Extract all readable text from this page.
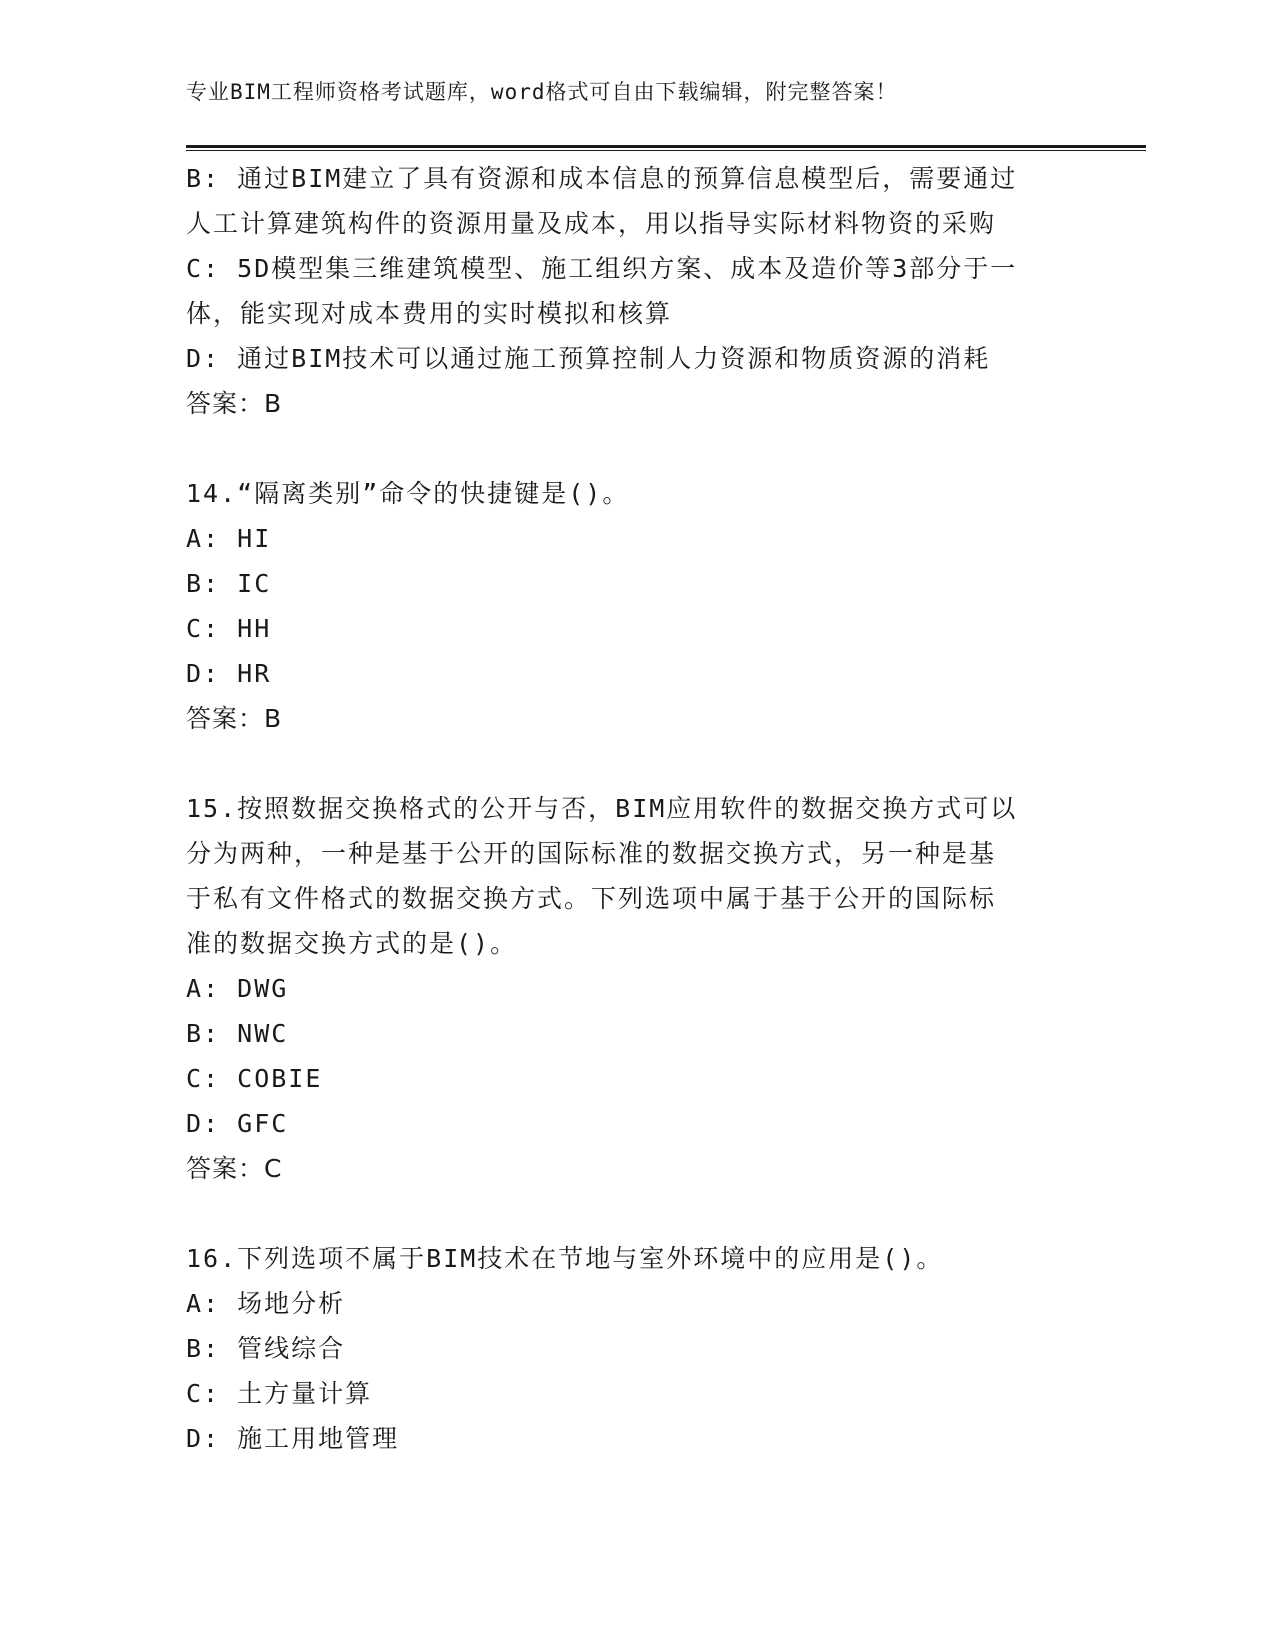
专业BIM工程师资格考试题库，word格式可自由下载编辑，附完整答案！
B: 通过BIM建立了具有资源和成本信息的预算信息模型后，需要通过
人工计算建筑构件的资源用量及成本，用以指导实际材料物资的采购
C: 5D模型集三维建筑模型、施工组织方案、成本及造价等3部分于一
体，能实现对成本费用的实时模拟和核算
D: 通过BIM技术可以通过施工预算控制人力资源和物质资源的消耗
答案：B
14.“隔离类别”命令的快捷键是()。
A: HI
B: IC
C: HH
D: HR
答案：B
15.按照数据交换格式的公开与否，BIM应用软件的数据交换方式可以
分为两种，一种是基于公开的国际标准的数据交换方式，另一种是基
于私有文件格式的数据交换方式。下列选项中属于基于公开的国际标
准的数据交换方式的是()。
A: DWG
B: NWC
C: COBIE
D: GFC
答案：C
16.下列选项不属于BIM技术在节地与室外环境中的应用是()。
A: 场地分析
B: 管线综合
C: 土方量计算
D: 施工用地管理
